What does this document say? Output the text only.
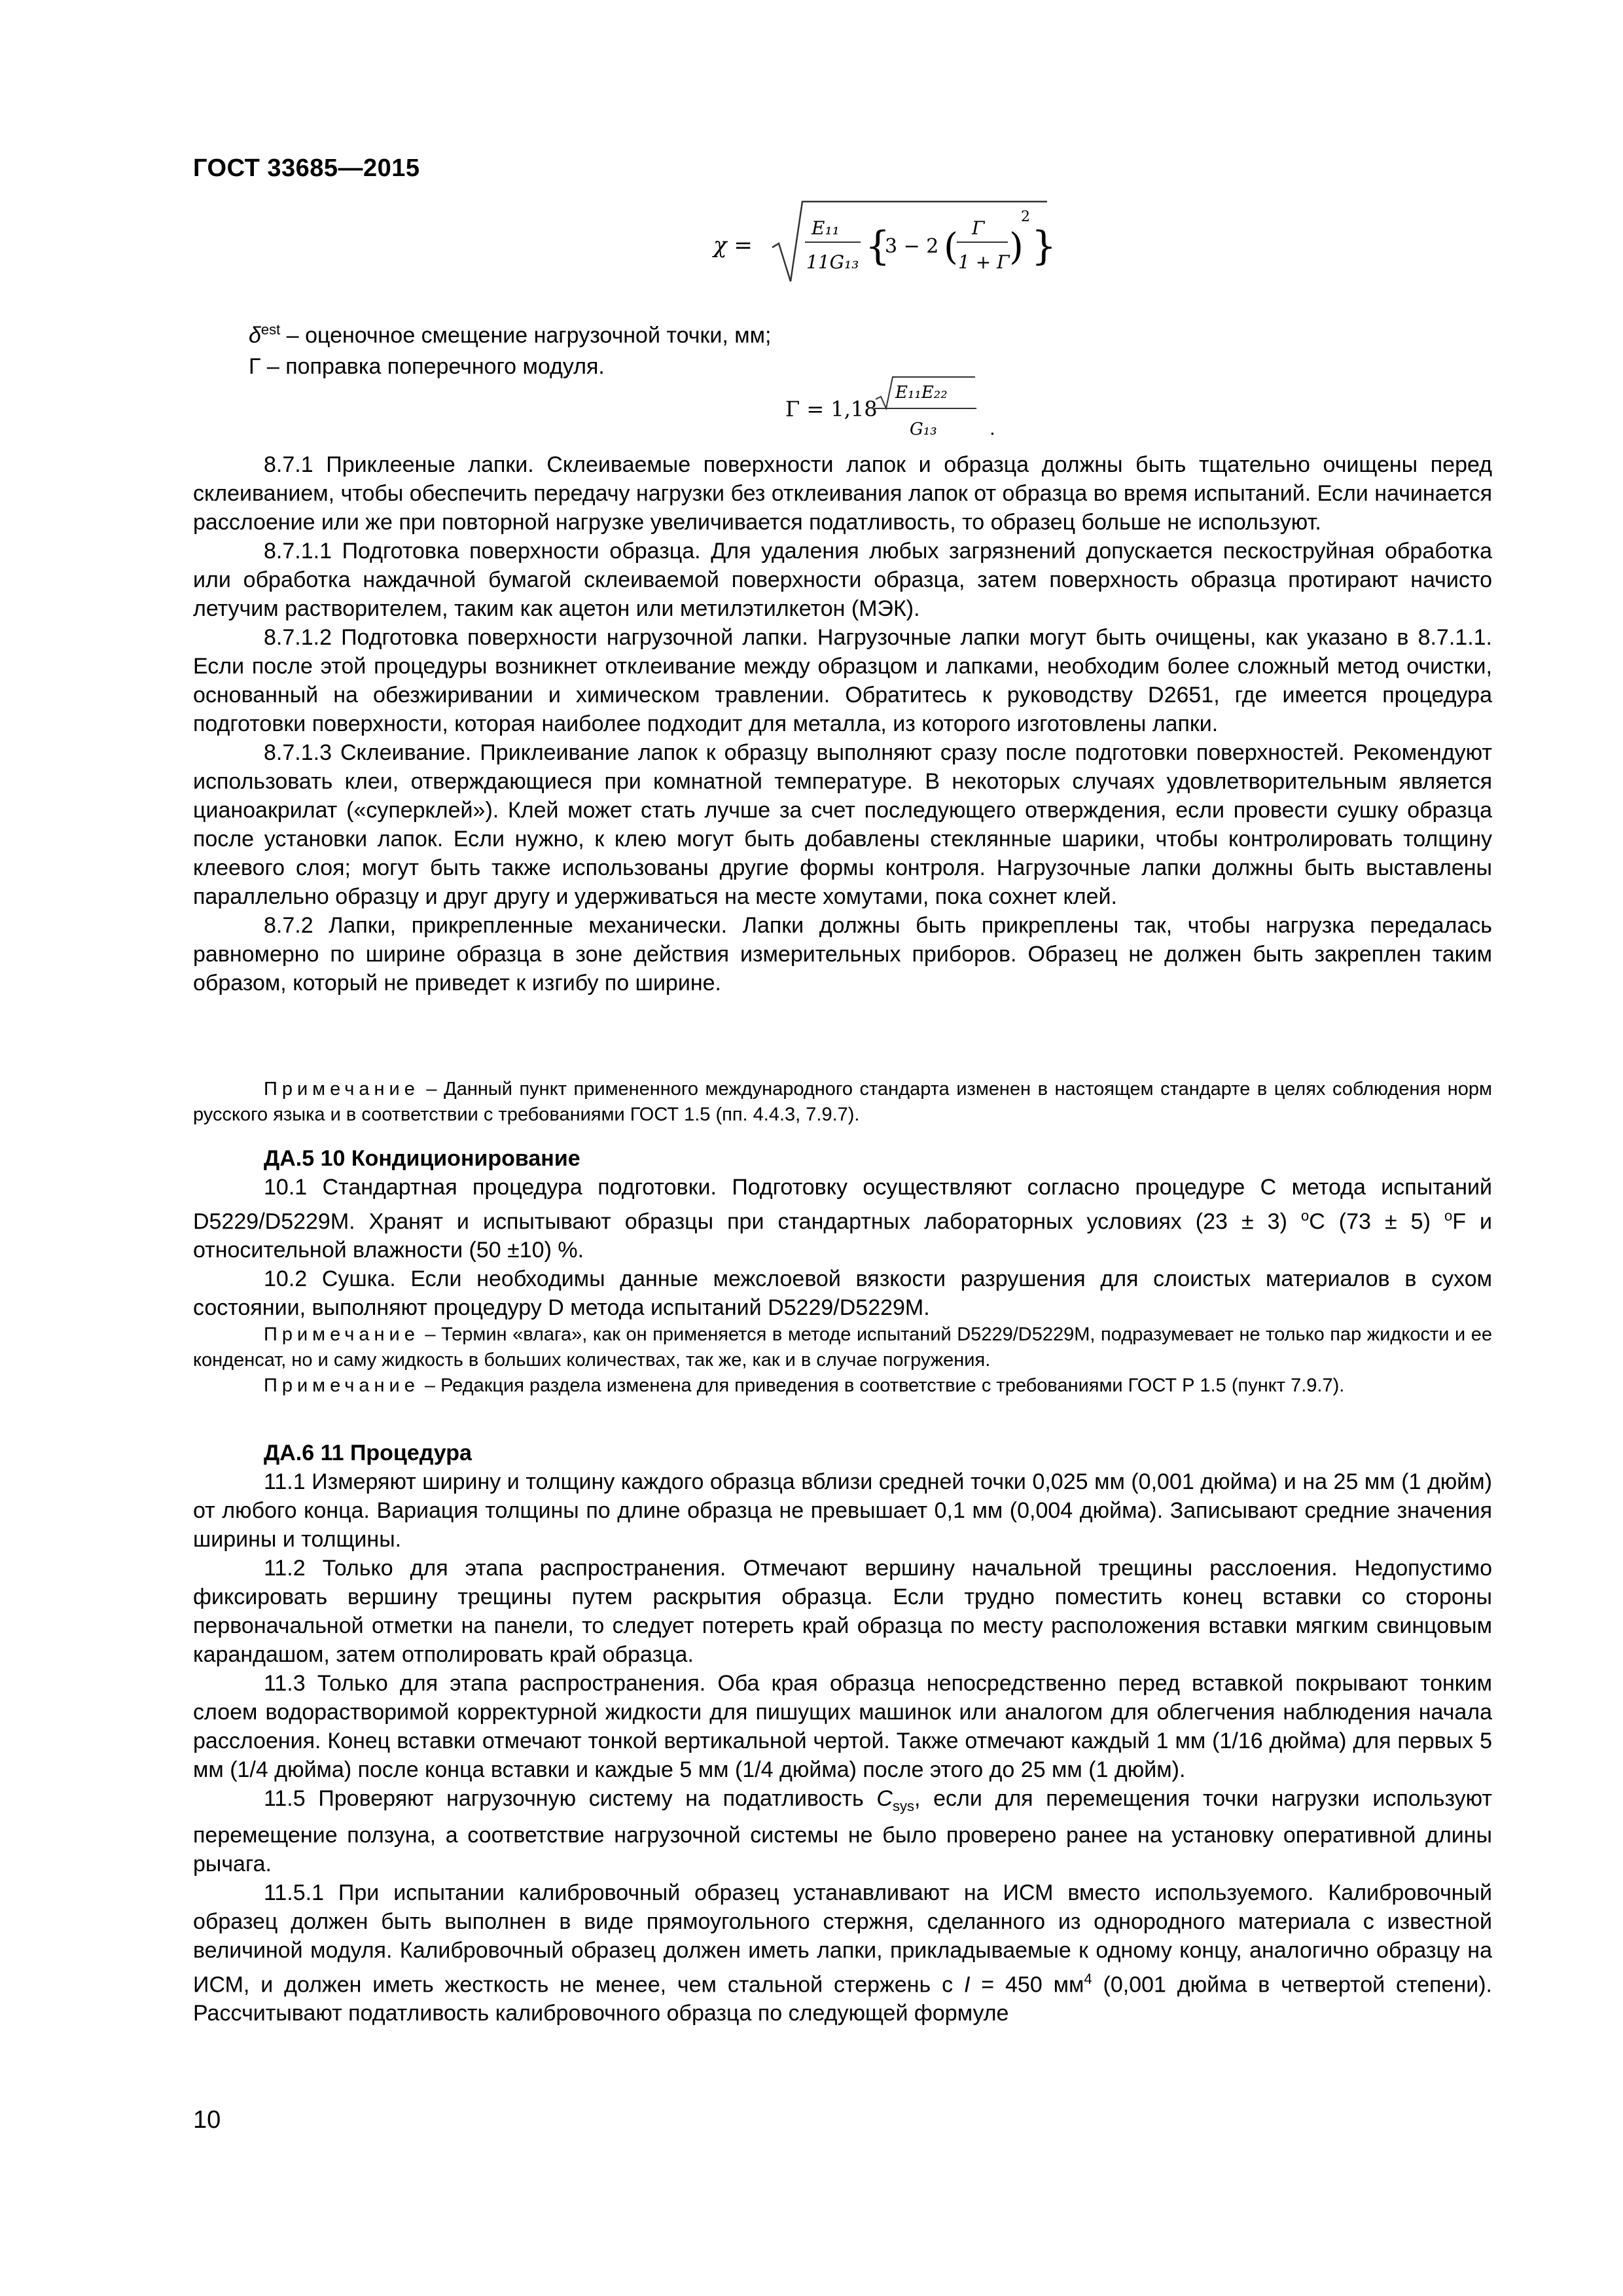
ГОСТ 33685—2015
χ =
E₁₁
11G₁₃ {
3 − 2 ( Γ
1 + Γ )
2
}
$\delta^{est}$ – оценочное смещение нагрузочной точки, мм;
Г – поправка поперечного модуля.
Γ = 1,18
E₁₁E₂₂
G₁₃	.

8.7.1 Приклееные лапки. Склеиваемые поверхности лапок и образца должны быть тщательно очищены перед склеиванием, чтобы обеспечить передачу нагрузки без отклеивания лапок от образца во время испытаний. Если начинается расслоение или же при повторной нагрузке увеличивается податливость, то образец больше не используют.

8.7.1.1 Подготовка поверхности образца. Для удаления любых загрязнений допускается пескоструйная обработка или обработка наждачной бумагой склеиваемой поверхности образца, затем поверхность образца протирают начисто летучим растворителем, таким как ацетон или метилэтилкетон (МЭК).

8.7.1.2 Подготовка поверхности нагрузочной лапки. Нагрузочные лапки могут быть очищены, как указано в 8.7.1.1. Если после этой процедуры возникнет отклеивание между образцом и лапками, необходим более сложный метод очистки, основанный на обезжиривании и химическом травлении. Обратитесь к руководству D2651, где имеется процедура подготовки поверхности, которая наиболее подходит для металла, из которого изготовлены лапки.

8.7.1.3 Склеивание. Приклеивание лапок к образцу выполняют сразу после подготовки поверхностей. Рекомендуют использовать клеи, отверждающиеся при комнатной температуре. В некоторых случаях удовлетворительным является цианоакрилат («суперклей»). Клей может стать лучше за счет последующего отверждения, если провести сушку образца после установки лапок. Если нужно, к клею могут быть добавлены стеклянные шарики, чтобы контролировать толщину клеевого слоя; могут быть также использованы другие формы контроля. Нагрузочные лапки должны быть выставлены параллельно образцу и друг другу и удерживаться на месте хомутами, пока сохнет клей.

8.7.2 Лапки, прикрепленные механически. Лапки должны быть прикреплены так, чтобы нагрузка передалась равномерно по ширине образца в зоне действия измерительных приборов. Образец не должен быть закреплен таким образом, который не приведет к изгибу по ширине.

Примечание – Данный пункт примененного международного стандарта изменен в настоящем стандарте в целях соблюдения норм русского языка и в соответствии с требованиями ГОСТ 1.5 (пп. 4.4.3, 7.9.7).

ДА.5 10 Кондиционирование

10.1 Стандартная процедура подготовки. Подготовку осуществляют согласно процедуре С метода испытаний D5229/D5229M. Хранят и испытывают образцы при стандартных лабораторных условиях (23 ± 3) $^o$С (73 ± 5) $^o$F и относительной влажности (50 ±10) %.

10.2 Сушка. Если необходимы данные межслоевой вязкости разрушения для слоистых материалов в сухом состоянии, выполняют процедуру D метода испытаний D5229/D5229M.

Примечание – Термин «влага», как он применяется в методе испытаний D5229/D5229M, подразумевает не только пар жидкости и ее конденсат, но и саму жидкость в больших количествах, так же, как и в случае погружения.

Примечание – Редакция раздела изменена для приведения в соответствие с требованиями ГОСТ Р 1.5 (пункт 7.9.7).

ДА.6 11 Процедура

11.1 Измеряют ширину и толщину каждого образца вблизи средней точки 0,025 мм (0,001 дюйма) и на 25 мм (1 дюйм) от любого конца. Вариация толщины по длине образца не превышает 0,1 мм (0,004 дюйма). Записывают средние значения ширины и толщины.

11.2 Только для этапа распространения. Отмечают вершину начальной трещины расслоения. Недопустимо фиксировать вершину трещины путем раскрытия образца. Если трудно поместить конец вставки со стороны первоначальной отметки на панели, то следует потереть край образца по месту расположения вставки мягким свинцовым карандашом, затем отполировать край образца.

11.3 Только для этапа распространения. Оба края образца непосредственно перед вставкой покрывают тонким слоем водорастворимой корректурной жидкости для пишущих машинок или аналогом для облегчения наблюдения начала расслоения. Конец вставки отмечают тонкой вертикальной чертой. Также отмечают каждый 1 мм (1/16 дюйма) для первых 5 мм (1/4 дюйма) после конца вставки и каждые 5 мм (1/4 дюйма) после этого до 25 мм (1 дюйм).

11.5 Проверяют нагрузочную систему на податливость $C_{sys}$, если для перемещения точки нагрузки используют перемещение ползуна, а соответствие нагрузочной системы не было проверено ранее на установку оперативной длины рычага.

11.5.1 При испытании калибровочный образец устанавливают на ИСМ вместо используемого. Калибровочный образец должен быть выполнен в виде прямоугольного стержня, сделанного из однородного материала с известной величиной модуля. Калибровочный образец должен иметь лапки, прикладываемые к одному концу, аналогично образцу на ИСМ, и должен иметь жесткость не менее, чем стальной стержень с I = 450 $мм^4$ (0,001 дюйма в четвертой степени). Рассчитывают податливость калибровочного образца по следующей формуле

10
